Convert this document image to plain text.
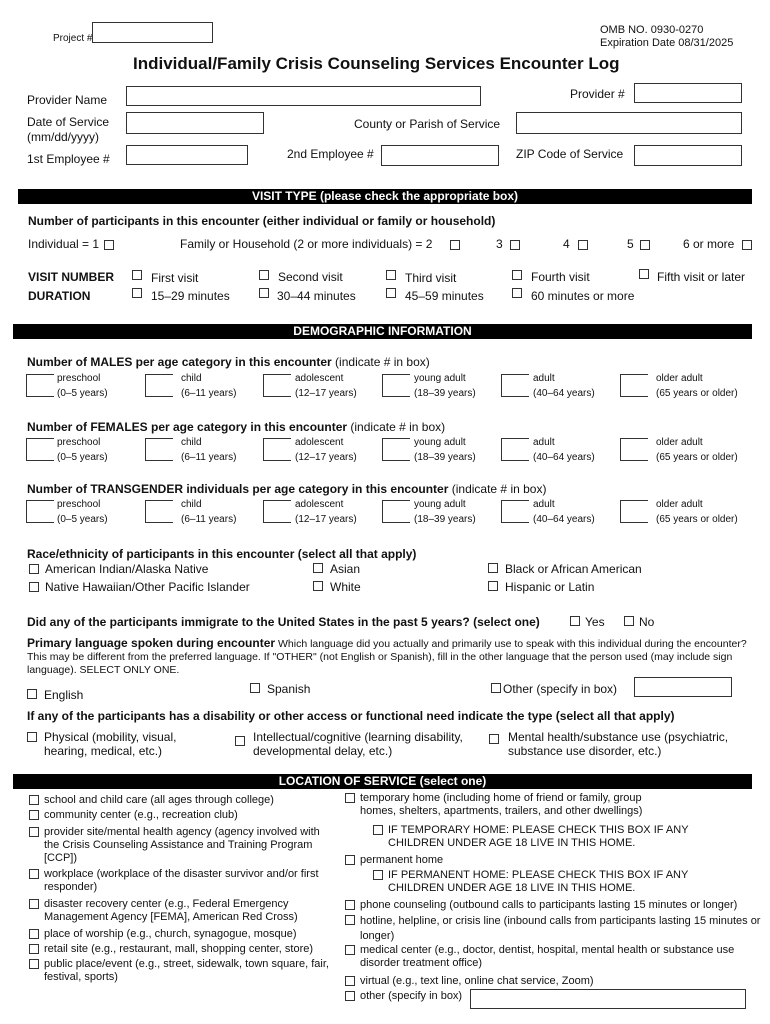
Project #
OMB NO. 0930-0270
Expiration Date 08/31/2025
Individual/Family Crisis Counseling Services Encounter Log
Provider Name	Provider #
Date of Service
(mm/dd/yyyy)
County or Parish of Service
1st Employee #	2nd Employee #	ZIP Code of Service
VISIT TYPE (please check the appropriate box)
Number of participants in this encounter (either individual or family or household)
Individual = 1	Family or Household (2 or more individuals) = 2	3	4	5	6 or more
VISIT NUMBER
DURATION
First visit	Second visit	Third visit	Fourth visit	Fifth visit or later
15–29 minutes	30–44 minutes	45–59 minutes	60 minutes or more
DEMOGRAPHIC INFORMATION
Number of MALES per age category in this encounter (indicate # in box)
preschool
(0–5 years)
child
(6–11 years)
adolescent
(12–17 years)
young adult
(18–39 years)
adult
(40–64 years)
older adult
(65 years or older)
Number of FEMALES per age category in this encounter (indicate # in box)
preschool
(0–5 years)
child
(6–11 years)
adolescent
(12–17 years)
young adult
(18–39 years)
adult
(40–64 years)
older adult
(65 years or older)
Number of TRANSGENDER individuals per age category in this encounter (indicate # in box)
preschool
(0–5 years)
child
(6–11 years)
adolescent
(12–17 years)
young adult
(18–39 years)
adult
(40–64 years)
older adult
(65 years or older)
Race/ethnicity of participants in this encounter (select all that apply)
American Indian/Alaska Native	Asian	Black or African American
Native Hawaiian/Other Pacific Islander	White	Hispanic or Latin
Did any of the participants immigrate to the United States in the past 5 years? (select one)	Yes	No
Primary language spoken during encounter Which language did you actually and primarily use to speak with this individual during the encounter? This may be different from the preferred language. If "OTHER" (not English or Spanish), fill in the other language that the person used (may include sign language). SELECT ONLY ONE.
English	Spanish	Other (specify in box)
If any of the participants has a disability or other access or functional need indicate the type (select all that apply)
Physical (mobility, visual, hearing, medical, etc.)
Intellectual/cognitive (learning disability, developmental delay, etc.)
Mental health/substance use (psychiatric, substance use disorder, etc.)
LOCATION OF SERVICE (select one)
school and child care (all ages through college)
community center (e.g., recreation club)
provider site/mental health agency (agency involved with the Crisis Counseling Assistance and Training Program [CCP])
workplace (workplace of the disaster survivor and/or first responder)
disaster recovery center (e.g., Federal Emergency Management Agency [FEMA], American Red Cross)
place of worship (e.g., church, synagogue, mosque)
retail site (e.g., restaurant, mall, shopping center, store)
public place/event (e.g., street, sidewalk, town square, fair, festival, sports)
temporary home (including home of friend or family, group homes, shelters, apartments, trailers, and other dwellings)
IF TEMPORARY HOME: PLEASE CHECK THIS BOX IF ANY CHILDREN UNDER AGE 18 LIVE IN THIS HOME.
permanent home
IF PERMANENT HOME: PLEASE CHECK THIS BOX IF ANY CHILDREN UNDER AGE 18 LIVE IN THIS HOME.
phone counseling (outbound calls to participants lasting 15 minutes or longer)
hotline, helpline, or crisis line (inbound calls from participants lasting 15 minutes or longer)
medical center (e.g., doctor, dentist, hospital, mental health or substance use disorder treatment office)
virtual (e.g., text line, online chat service, Zoom)
other (specify in box)
